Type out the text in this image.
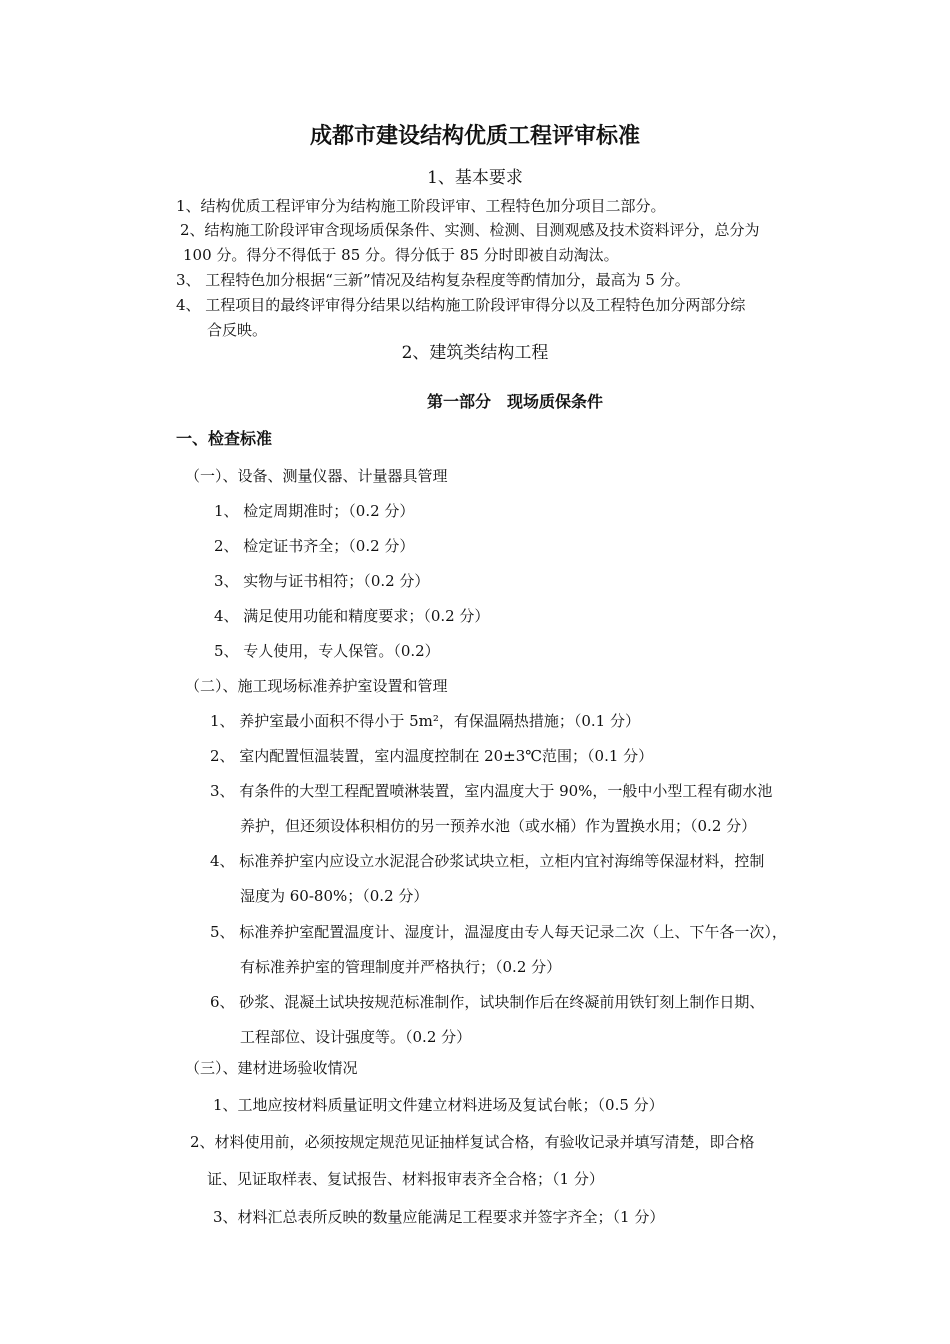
成都市建设结构优质工程评审标准
1、基本要求
1、结构优质工程评审分为结构施工阶段评审、工程特色加分项目二部分。
2、结构施工阶段评审含现场质保条件、实测、检测、目测观感及技术资料评分，总分为
100 分。得分不得低于 85 分。得分低于 85 分时即被自动淘汰。
3、 工程特色加分根据“三新”情况及结构复杂程度等酌情加分，最高为 5 分。
4、 工程项目的最终评审得分结果以结构施工阶段评审得分以及工程特色加分两部分综
合反映。
2、建筑类结构工程
第一部分　现场质保条件
一、检查标准
（一）、设备、测量仪器、计量器具管理
1、 检定周期准时；（0.2 分）
2、 检定证书齐全；（0.2 分）
3、 实物与证书相符；（0.2 分）
4、 满足使用功能和精度要求；（0.2 分）
5、 专人使用，专人保管。（0.2）
（二）、施工现场标准养护室设置和管理
1、 养护室最小面积不得小于 5m²，有保温隔热措施；（0.1 分）
2、 室内配置恒温装置，室内温度控制在 20±3℃范围；（0.1 分）
3、 有条件的大型工程配置喷淋装置，室内温度大于 90%，一般中小型工程有砌水池
养护，但还须设体积相仿的另一预养水池（或水桶）作为置换水用；（0.2 分）
4、 标准养护室内应设立水泥混合砂浆试块立柜，立柜内宜衬海绵等保湿材料，控制
湿度为 60-80%；（0.2 分）
5、 标准养护室配置温度计、湿度计，温湿度由专人每天记录二次（上、下午各一次），
有标准养护室的管理制度并严格执行；（0.2 分）
6、 砂浆、混凝土试块按规范标准制作，试块制作后在终凝前用铁钉刻上制作日期、
工程部位、设计强度等。（0.2 分）
（三）、建材进场验收情况
1、工地应按材料质量证明文件建立材料进场及复试台帐；（0.5 分）
2、材料使用前，必须按规定规范见证抽样复试合格，有验收记录并填写清楚，即合格
证、见证取样表、复试报告、材料报审表齐全合格；（1 分）
3、材料汇总表所反映的数量应能满足工程要求并签字齐全；（1 分）
